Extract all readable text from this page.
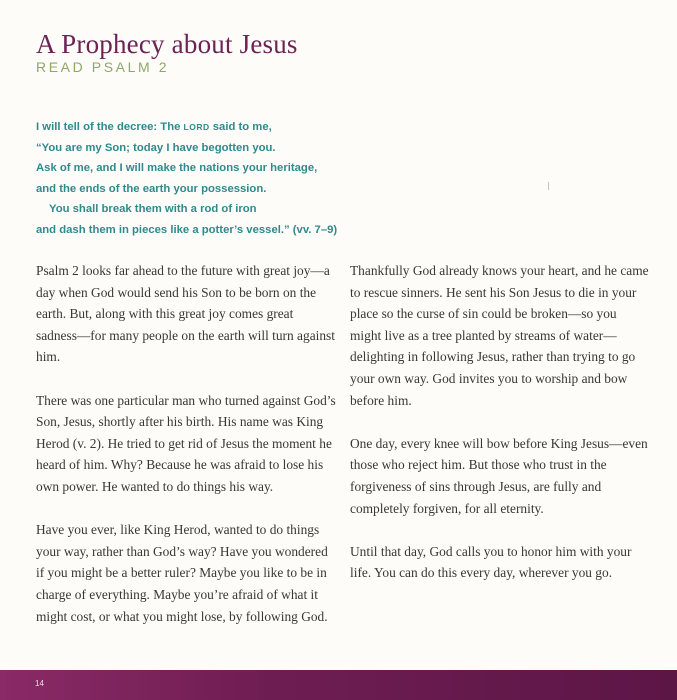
A Prophecy about Jesus
READ PSALM 2
I will tell of the decree: The LORD said to me,
“You are my Son; today I have begotten you.
Ask of me, and I will make the nations your heritage,
and the ends of the earth your possession.
You shall break them with a rod of iron
and dash them in pieces like a potter’s vessel.” (vv. 7–9)

Psalm 2 looks far ahead to the future with great joy—a day when God would send his Son to be born on the earth. But, along with this great joy comes great sadness—for many people on the earth will turn against him.

There was one particular man who turned against God’s Son, Jesus, shortly after his birth. His name was King Herod (v. 2). He tried to get rid of Jesus the moment he heard of him. Why? Because he was afraid to lose his own power. He wanted to do things his way.

Have you ever, like King Herod, wanted to do things your way, rather than God’s way? Have you wondered if you might be a better ruler? Maybe you like to be in charge of everything. Maybe you’re afraid of what it might cost, or what you might lose, by following God.

Thankfully God already knows your heart, and he came to rescue sinners. He sent his Son Jesus to die in your place so the curse of sin could be broken—so you might live as a tree planted by streams of water—delighting in following Jesus, rather than trying to go your own way. God invites you to worship and bow before him.

One day, every knee will bow before King Jesus—even those who reject him. But those who trust in the forgiveness of sins through Jesus, are fully and completely forgiven, for all eternity.

Until that day, God calls you to honor him with your life. You can do this every day, wherever you go.

14
